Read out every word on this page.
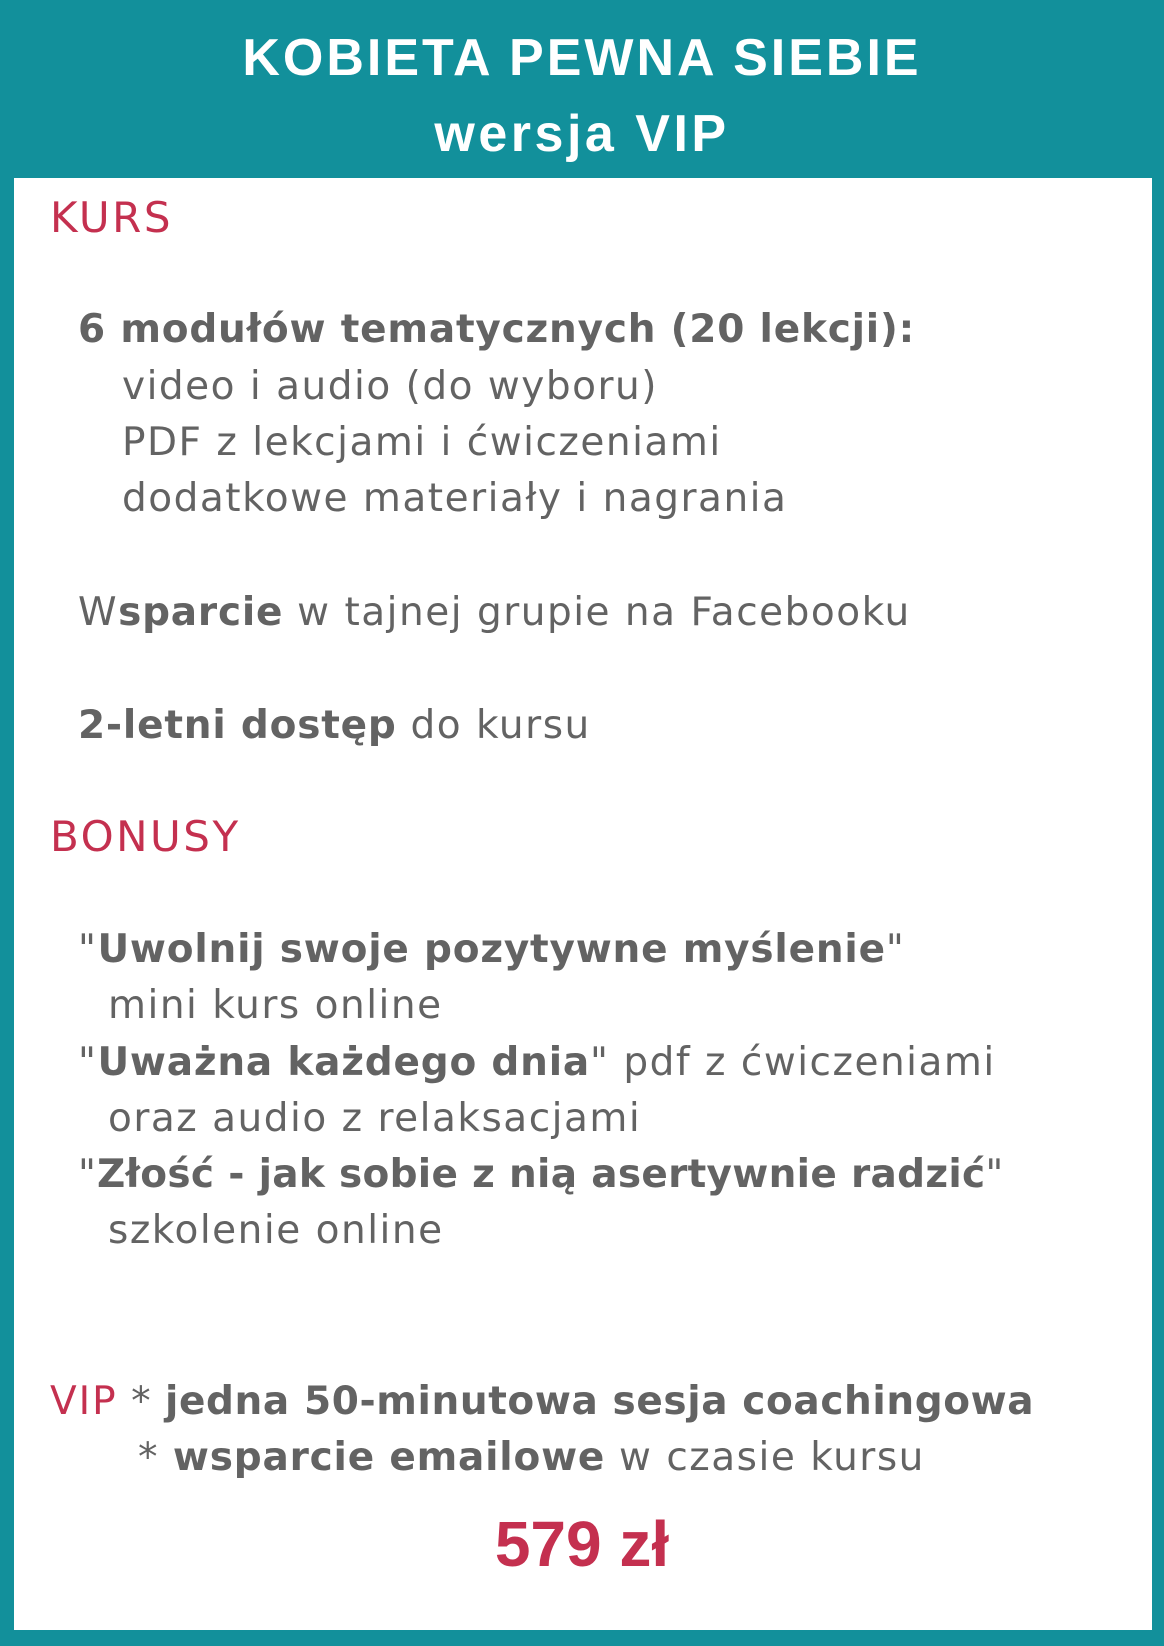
KOBIETA PEWNA SIEBIE
wersja VIP
KURS
6 modułów tematycznych (20 lekcji):
video i audio (do wyboru)
PDF z lekcjami i ćwiczeniami
dodatkowe materiały i nagrania
Wsparcie w tajnej grupie na Facebooku
2-letni dostęp do kursu
BONUSY
"Uwolnij swoje pozytywne myślenie"
mini kurs online
"Uważna każdego dnia" pdf z ćwiczeniami
oraz audio z relaksacjami
"Złość - jak sobie z nią asertywnie radzić"
szkolenie online
VIP * jedna 50-minutowa sesja coachingowa
* wsparcie emailowe w czasie kursu
579 zł
